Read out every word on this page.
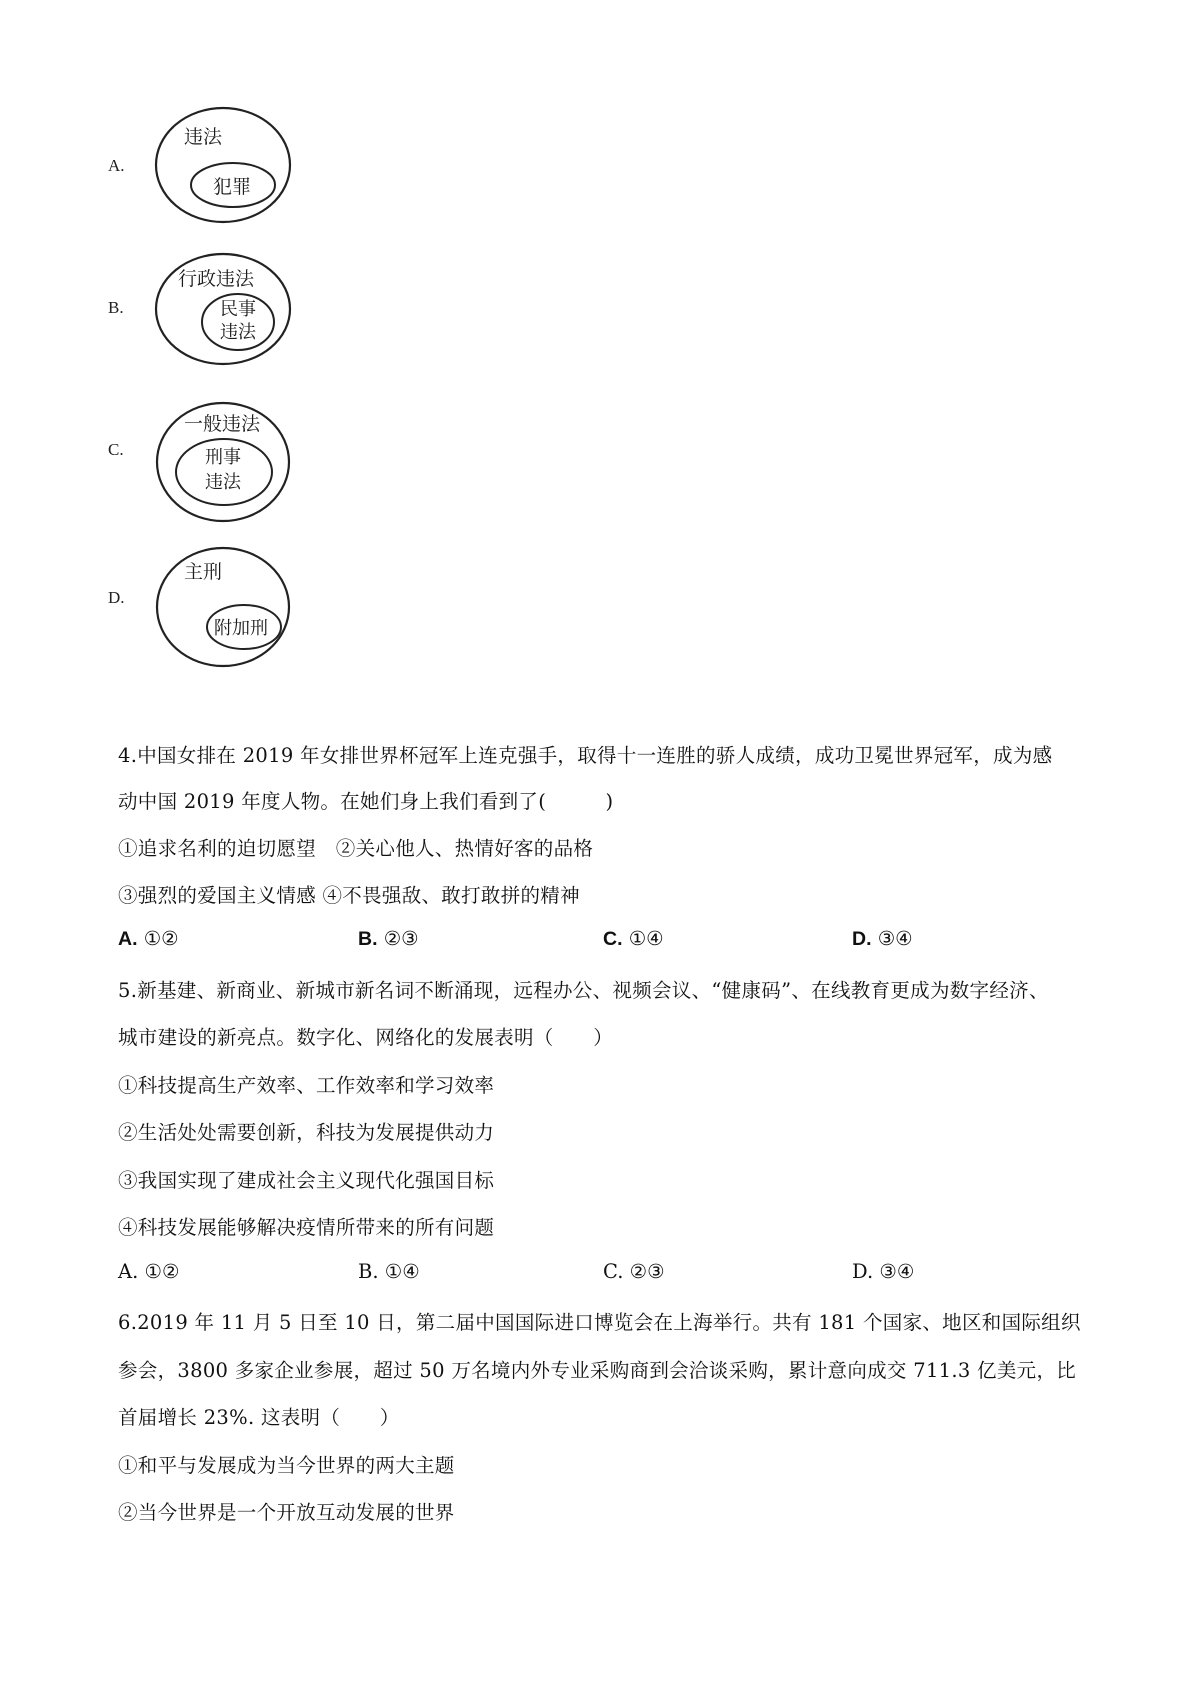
A.
违法
犯罪
B.
行政违法
民事
违法
C.
一般违法
刑事
违法
D.
主刑
附加刑
4.中国女排在 2019 年女排世界杯冠军上连克强手，取得十一连胜的骄人成绩，成功卫冕世界冠军，成为感
动中国 2019 年度人物。在她们身上我们看到了(　　　)
①追求名利的迫切愿望　②关心他人、热情好客的品格
③强烈的爱国主义情感 ④不畏强敌、敢打敢拼的精神
A. ①②	B. ②③	C. ①④	D. ③④
5.新基建、新商业、新城市新名词不断涌现，远程办公、视频会议、“健康码”、在线教育更成为数字经济、
城市建设的新亮点。数字化、网络化的发展表明（　　）
①科技提高生产效率、工作效率和学习效率
②生活处处需要创新，科技为发展提供动力
③我国实现了建成社会主义现代化强国目标
④科技发展能够解决疫情所带来的所有问题
A. ①②	B. ①④	C. ②③	D. ③④
6.2019 年 11 月 5 日至 10 日，第二届中国国际进口博览会在上海举行。共有 181 个国家、地区和国际组织
参会，3800 多家企业参展，超过 50 万名境内外专业采购商到会洽谈采购，累计意向成交 711.3 亿美元，比
首届增长 23%. 这表明（　　）
①和平与发展成为当今世界的两大主题
②当今世界是一个开放互动发展的世界
